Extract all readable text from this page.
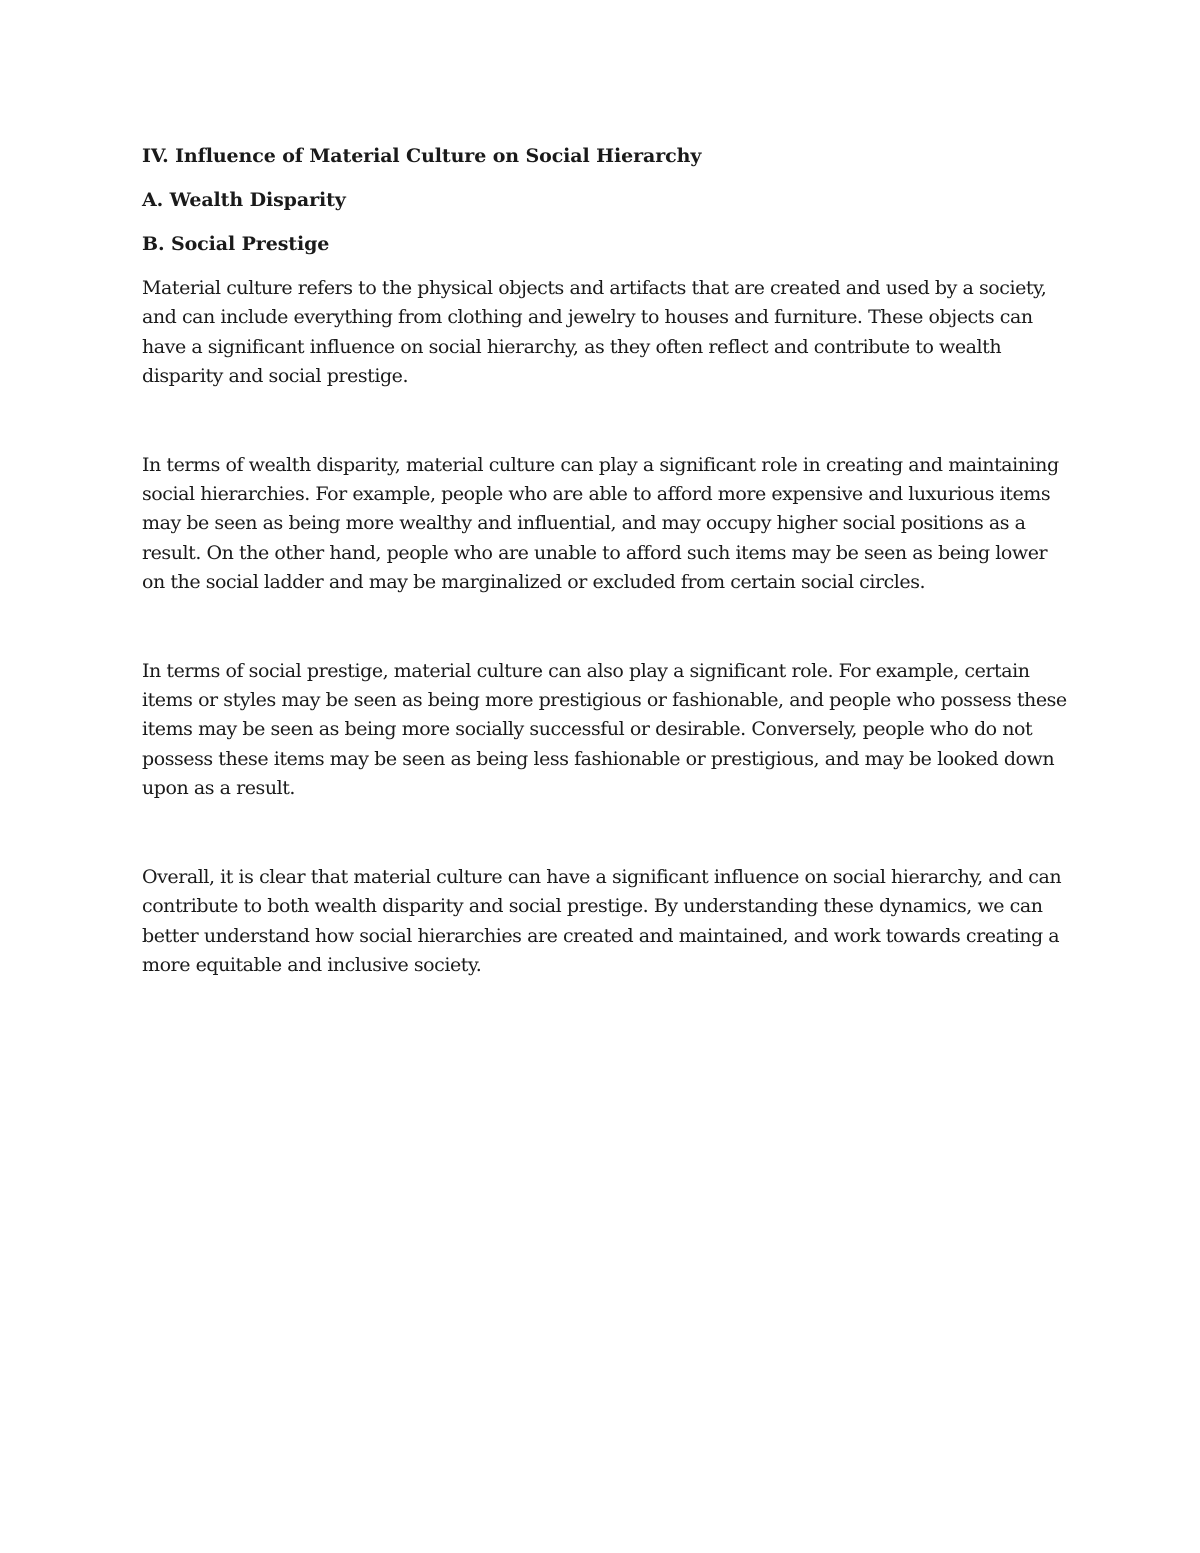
IV. Influence of Material Culture on Social Hierarchy
A. Wealth Disparity
B. Social Prestige

Material culture refers to the physical objects and artifacts that are created and used by a society, and can include everything from clothing and jewelry to houses and furniture. These objects can have a significant influence on social hierarchy, as they often reflect and contribute to wealth disparity and social prestige.

In terms of wealth disparity, material culture can play a significant role in creating and maintaining social hierarchies. For example, people who are able to afford more expensive and luxurious items may be seen as being more wealthy and influential, and may occupy higher social positions as a result. On the other hand, people who are unable to afford such items may be seen as being lower on the social ladder and may be marginalized or excluded from certain social circles.

In terms of social prestige, material culture can also play a significant role. For example, certain items or styles may be seen as being more prestigious or fashionable, and people who possess these items may be seen as being more socially successful or desirable. Conversely, people who do not possess these items may be seen as being less fashionable or prestigious, and may be looked down upon as a result.

Overall, it is clear that material culture can have a significant influence on social hierarchy, and can contribute to both wealth disparity and social prestige. By understanding these dynamics, we can better understand how social hierarchies are created and maintained, and work towards creating a more equitable and inclusive society.
